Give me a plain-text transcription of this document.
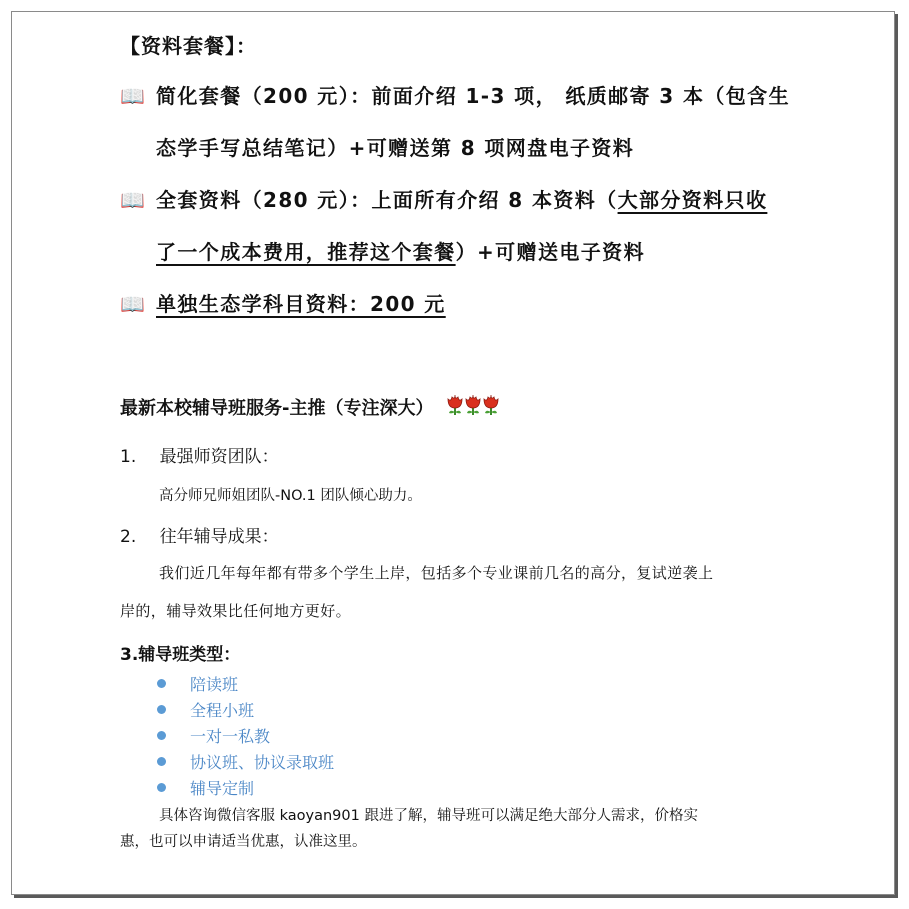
【资料套餐】：
📖 简化套餐（200 元）：前面介绍 1-3 项， 纸质邮寄 3 本（包含生
态学手写总结笔记）+可赠送第 8 项网盘电子资料
📖 全套资料（280 元）：上面所有介绍 8 本资料（大部分资料只收
了一个成本费用，推荐这个套餐）+可赠送电子资料
📖 单独生态学科目资料：200 元
最新本校辅导班服务-主推（专注深大）
1. 最强师资团队：
高分师兄师姐团队-NO.1 团队倾心助力。
2. 往年辅导成果：
我们近几年每年都有带多个学生上岸，包括多个专业课前几名的高分，复试逆袭上
岸的，辅导效果比任何地方更好。
3.辅导班类型：
陪读班
全程小班
一对一私教
协议班、协议录取班
辅导定制
具体咨询微信客服 kaoyan901 跟进了解，辅导班可以满足绝大部分人需求，价格实
惠，也可以申请适当优惠，认准这里。
